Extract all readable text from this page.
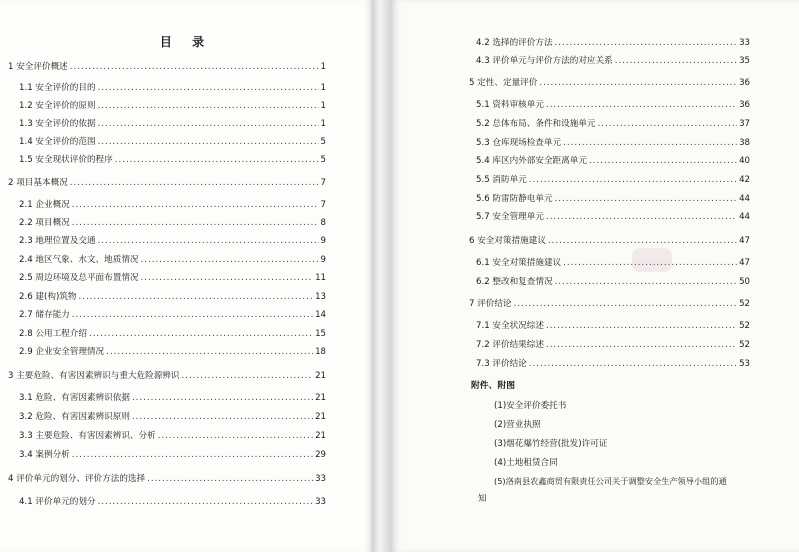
目 录
1 安全评价概述 .....	1
1.1 安全评价的目的 .....	1
1.2 安全评价的原则 .....	1
1.3 安全评价的依据 .....	1
1.4 安全评价的范围 .....	5
1.5 安全现状评价的程序 .....	5
2 项目基本概况 .....	7
2.1 企业概况 .....	7
2.2 项目概况 .....	8
2.3 地理位置及交通 .....	9
2.4 地区气象、水文、地质情况 .....	9
2.5 周边环境及总平面布置情况 .....	11
2.6 建(构)筑物 .....	13
2.7 储存能力 .....	14
2.8 公用工程介绍 .....	15
2.9 企业安全管理情况 .....	18
3 主要危险、有害因素辨识与重大危险源辨识 .....	21
3.1 危险、有害因素辨识依据 .....	21
3.2 危险、有害因素辨识原则 .....	21
3.3 主要危险、有害因素辨识、分析 .....	21
3.4 案例分析 .....	29
4 评价单元的划分、评价方法的选择 .....	33
4.1 评价单元的划分 .....	33
4.2 选择的评价方法 .....	33
4.3 评价单元与评价方法的对应关系 .....	35
5 定性、定量评价 .....	36
5.1 资料审核单元 .....	36
5.2 总体布局、条件和设施单元 .....	37
5.3 仓库现场检查单元 .....	38
5.4 库区内外部安全距离单元 .....	40
5.5 消防单元 .....	42
5.6 防雷防静电单元 .....	44
5.7 安全管理单元 .....	44
6 安全对策措施建议 .....	47
6.1 安全对策措施建议 .....	47
6.2 整改和复查情况 .....	50
7 评价结论 .....	52
7.1 安全状况综述 .....	52
7.2 评价结果综述 .....	52
7.3 评价结论 .....	53
附件、附图
(1)安全评价委托书
(2)营业执照
(3)烟花爆竹经营(批发)许可证
(4)土地租赁合同
(5)洛南县农鑫商贸有限责任公司关于调整安全生产领导小组的通
知
